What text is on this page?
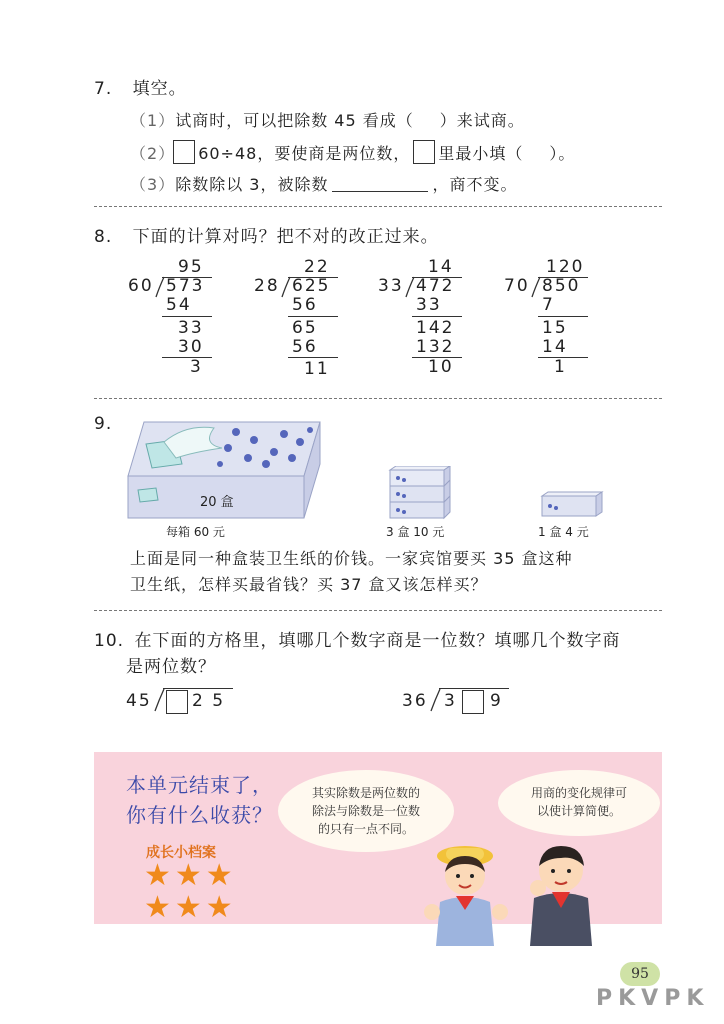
7. 填空。
（1）试商时，可以把除数 45 看成（ ）来试商。
（2） 60÷48，要使商是两位数， 里最小填（ ）。
（3）除数除以 3，被除数	，商不变。
8. 下面的计算对吗？把不对的改正过来。
95
60 573
54
33
30
3
22
28 625
56
65
56
11
14
33 472
33
142
132
10
120
70 850
7
15
14
1
9.
20 盒
每箱 60 元	3 盒 10 元	1 盒 4 元
上面是同一种盒装卫生纸的价钱。一家宾馆要买 35 盒这种
卫生纸，怎样买最省钱？买 37 盒又该怎样买？
10. 在下面的方格里，填哪几个数字商是一位数？填哪几个数字商
是两位数？
45 2 5	36 3 9
本单元结束了，
你有什么收获？
成长小档案
★★★
★★★
其实除数是两位数的
除法与除数是一位数
的只有一点不同。
用商的变化规律可
以使计算简便。
95
PKVPK
